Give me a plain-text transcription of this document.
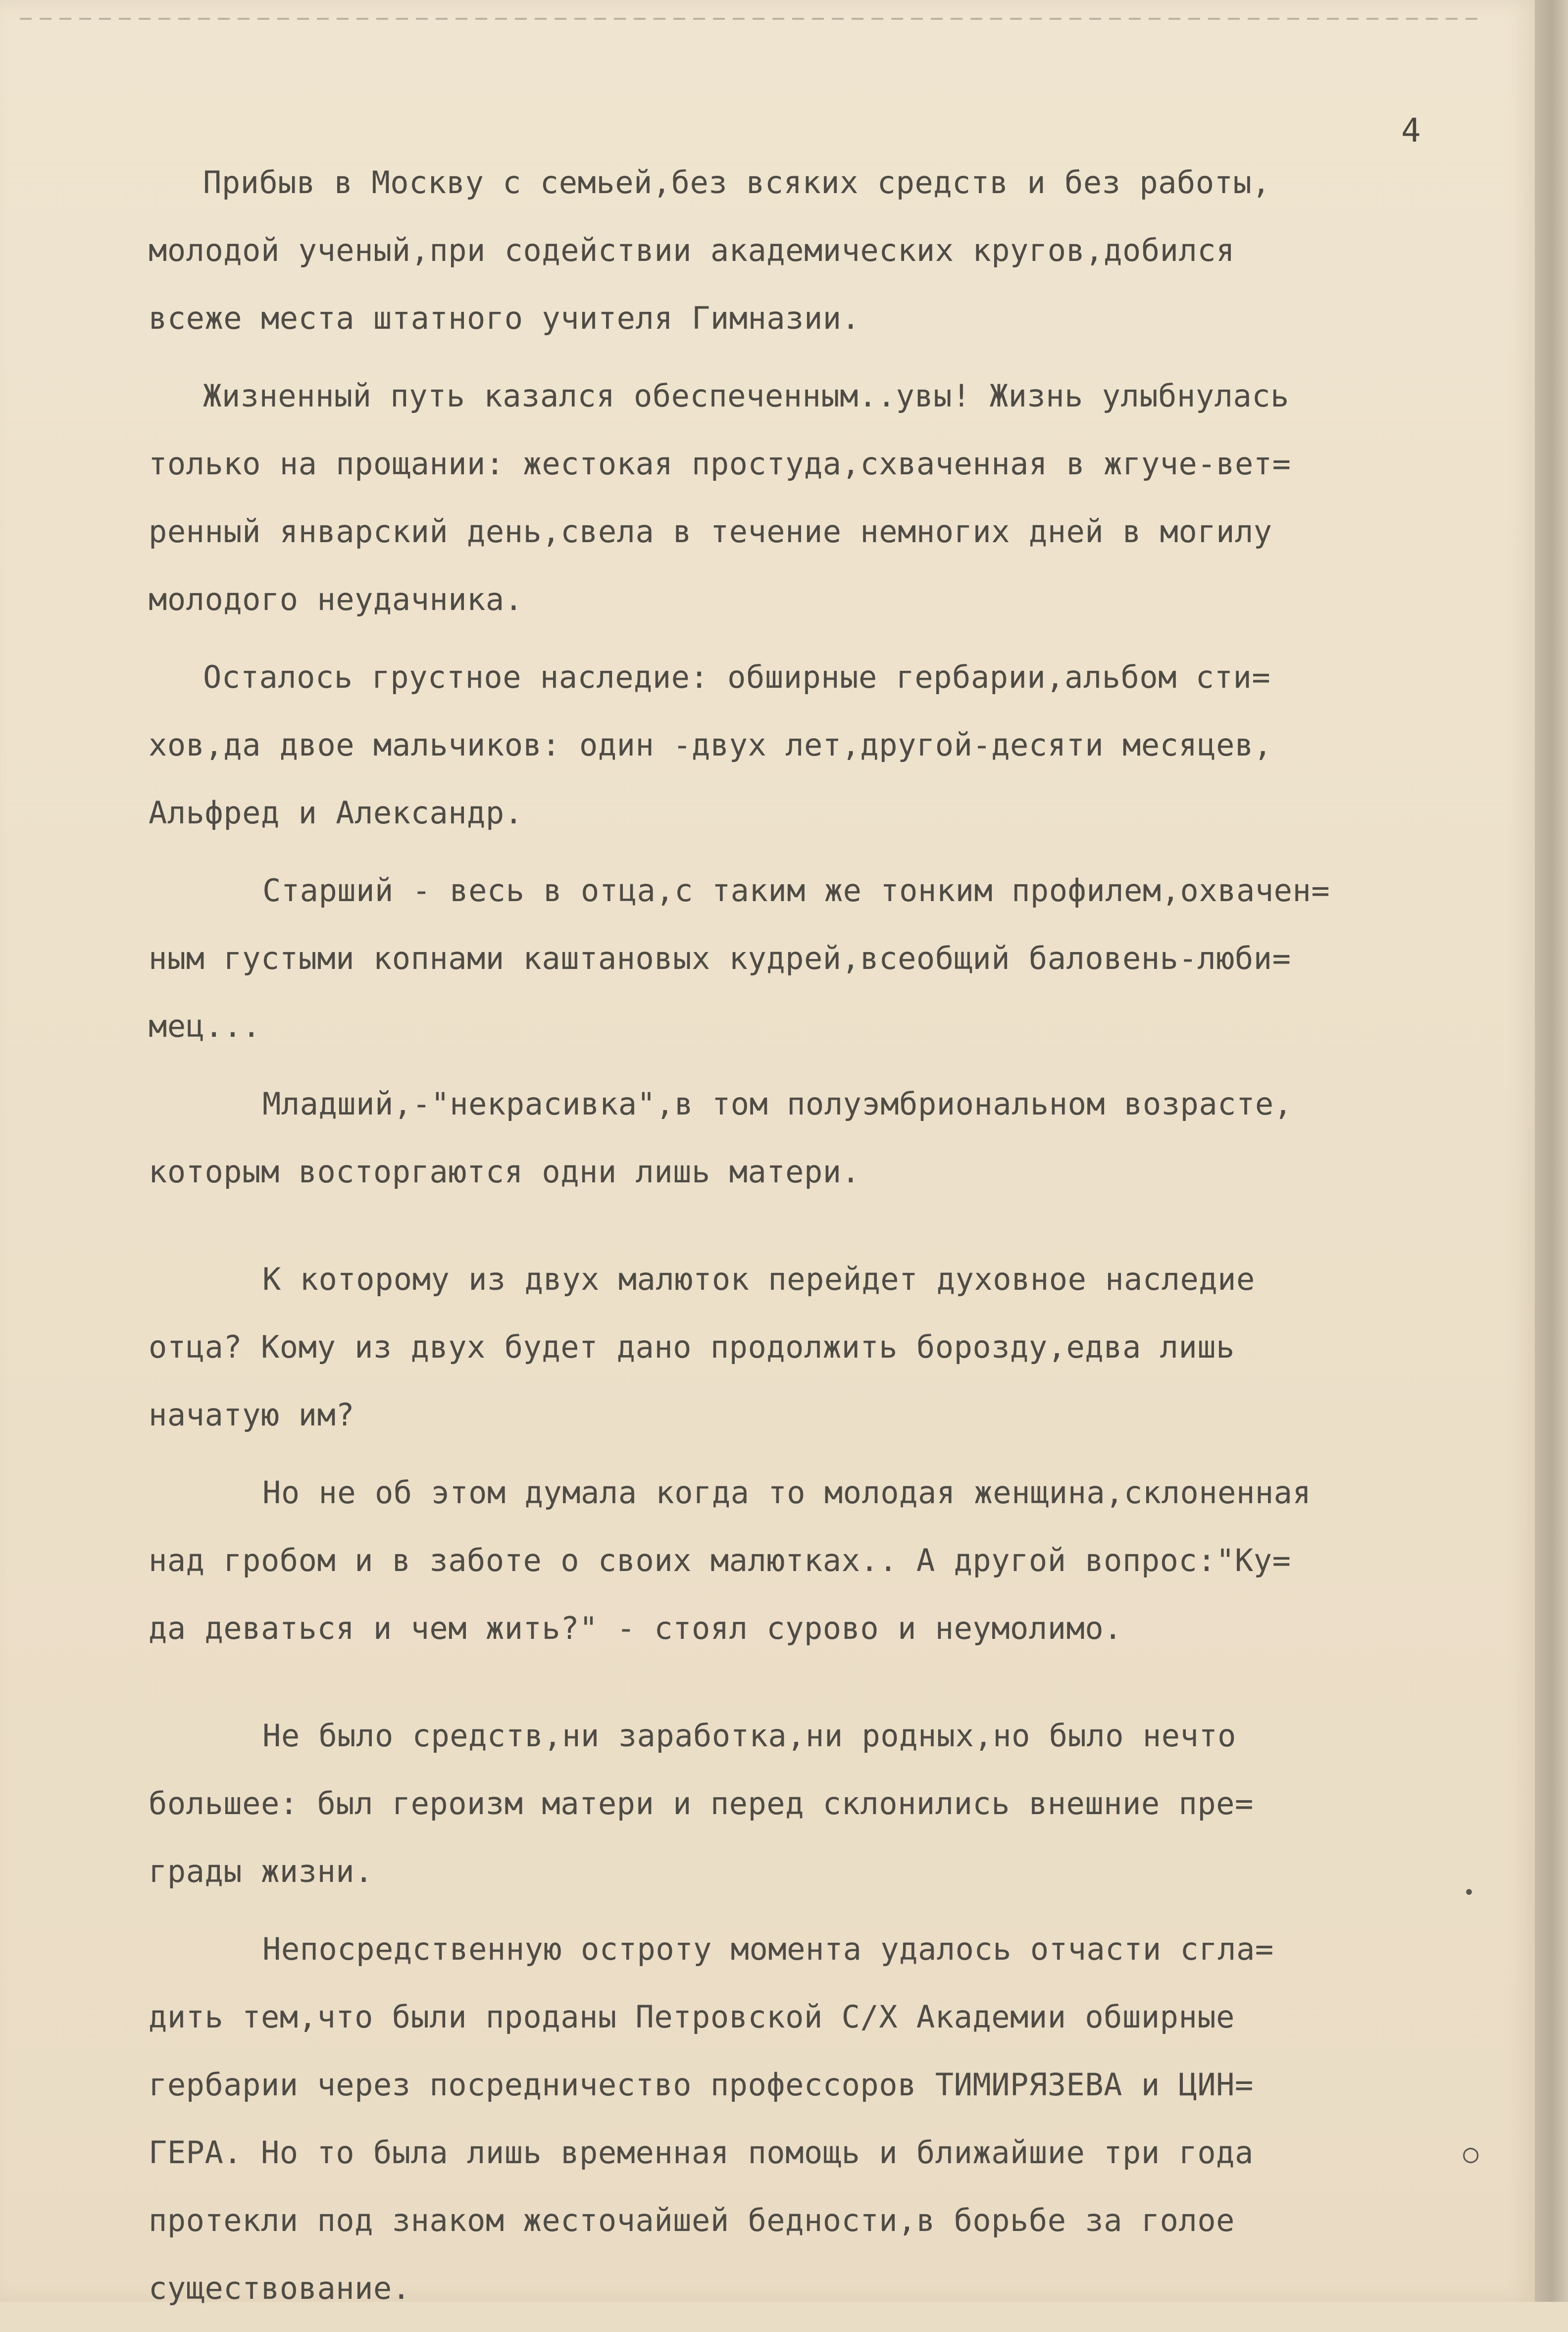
4
Прибыв в Москву с семьей,без всяких средств и без работы,
молодой ученый,при содействии академических кругов,добился
всеже места штатного учителя Гимназии.
Жизненный путь казался обеспеченным..увы! Жизнь улыбнулась
только на прощании: жестокая простуда,схваченная в жгуче-вет=
ренный январский день,свела в течение немногих дней в могилу
молодого неудачника.
Осталось грустное наследие: обширные гербарии,альбом сти=
хов,да двое мальчиков: один -двух лет,другой-десяти месяцев,
Альфред и Александр.
Старший - весь в отца,с таким же тонким профилем,охвачен=
ным густыми копнами каштановых кудрей,всеобщий баловень-люби=
мец...
Младший,-"некрасивка",в том полуэмбриональном возрасте,
которым восторгаются одни лишь матери.
К которому из двух малюток перейдет духовное наследие
отца? Кому из двух будет дано продолжить борозду,едва лишь
начатую им?
Но не об этом думала когда то молодая женщина,склоненная
над гробом и в заботе о своих малютках.. А другой вопрос:"Ку=
да деваться и чем жить?" - стоял сурово и неумолимо.
Не было средств,ни заработка,ни родных,но было нечто
большее: был героизм матери и перед склонились внешние пре=
грады жизни.
Непосредственную остроту момента удалось отчасти сгла=
дить тем,что были проданы Петровской С/Х Академии обширные
гербарии через посредничество профессоров ТИМИРЯЗЕВА и ЦИН=
ГЕРА. Но то была лишь временная помощь и ближайшие три года
протекли под знаком жесточайшей бедности,в борьбе за голое
существование.
•
○
